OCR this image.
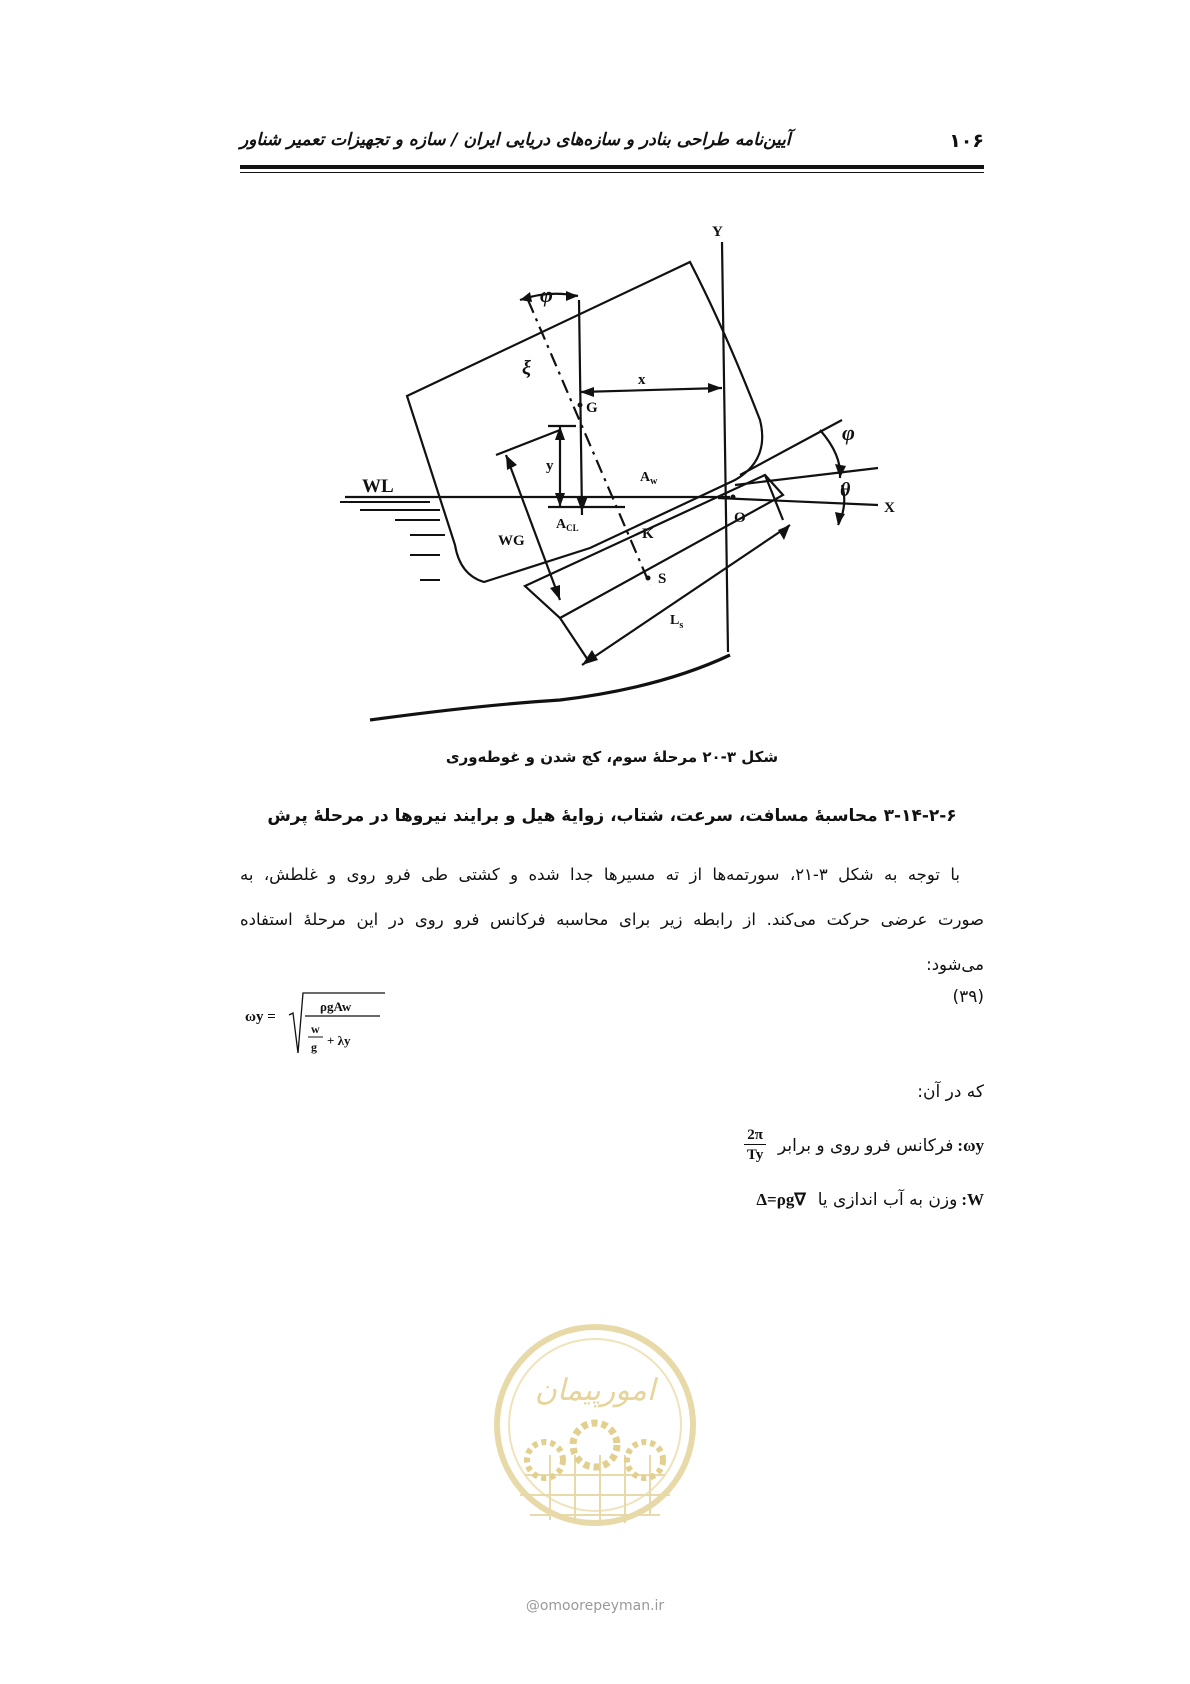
۱۰۶
آیین‌نامه طراحی بنادر و سازه‌های دریایی ایران / سازه و تجهیزات تعمیر شناور
Y
X
WL
WG
G
K
S
O
x
y
$A_w$
$A_{CL}$
$L_s$
φ
φ
θ
ξ
شکل ۳-۲۰ مرحلهٔ سوم، کج شدن و غوطه‌وری
۳-۱۴-۲-۶ محاسبهٔ مسافت، سرعت، شتاب، زوایهٔ هیل و برایند نیروها در مرحلهٔ پرش
با توجه به شکل ۳-۲۱، سورتمه‌ها از ته مسیرها جدا شده و کشتی طی فرو روی و غلطش، به
صورت عرضی حرکت می‌کند. از رابطه زیر برای محاسبه فرکانس فرو روی در این مرحلهٔ استفاده
می‌شود:
(۳۹)
ωy =
ρgAw
w
g + λy
که در آن:
ωy:
فرکانس فرو روی و برابر
$\frac{2\pi}{Ty}$
W:
وزن به آب اندازی یا
Δ=ρg∇
امورپیمان
@omoorepeyman.ir
